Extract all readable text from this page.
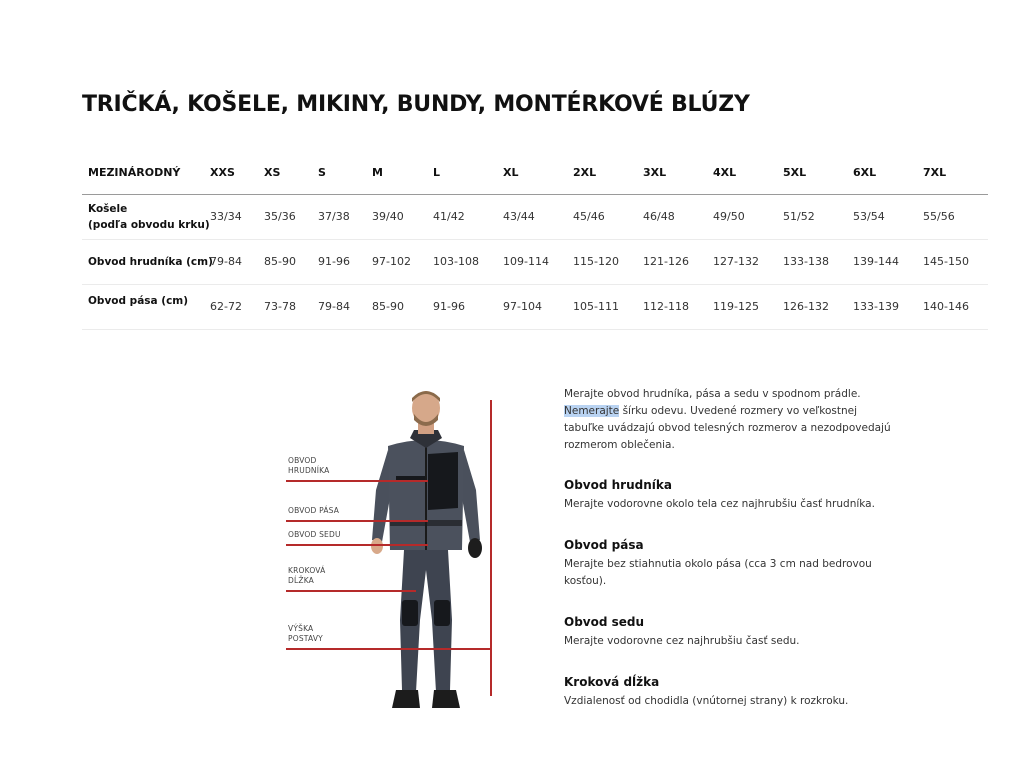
TRIČKÁ, KOŠELE, MIKINY, BUNDY, MONTÉRKOVÉ BLÚZY
MEZINÁRODNÝ	XXS	XS	S	M	L	XL	2XL	3XL	4XL	5XL	6XL	7XL
Košele
(podľa obvodu krku)
33/34 35/36 37/38 39/40	41/42	43/44	45/46	46/48	49/50	51/52	53/54	55/56
Obvod hrudníka (cm)
79-84 85-90 91-96 97-102 103-108 109-114 115-120 121-126 127-132 133-138 139-144 145-150
Obvod pása (cm) 62-72 73-78 79-84 85-90	91-96	97-104	105-111 112-118 119-125 126-132 133-139 140-146
OBVOD
HRUDNÍKA
OBVOD PÁSA
OBVOD SEDU
KROKOVÁ
DĹŽKA
VÝŠKA
POSTAVY

Merajte obvod hrudníka, pása a sedu v spodnom prádle.
Nemerajte šírku odevu. Uvedené rozmery vo veľkostnej tabuľke uvádzajú obvod telesných rozmerov a nezodpovedajú rozmerom oblečenia.

Obvod hrudníka

Merajte vodorovne okolo tela cez najhrubšiu časť hrudníka.

Obvod pása

Merajte bez stiahnutia okolo pása (cca 3 cm nad bedrovou kosťou).

Obvod sedu

Merajte vodorovne cez najhrubšiu časť sedu.

Kroková dĺžka

Vzdialenosť od chodidla (vnútornej strany) k rozkroku.
